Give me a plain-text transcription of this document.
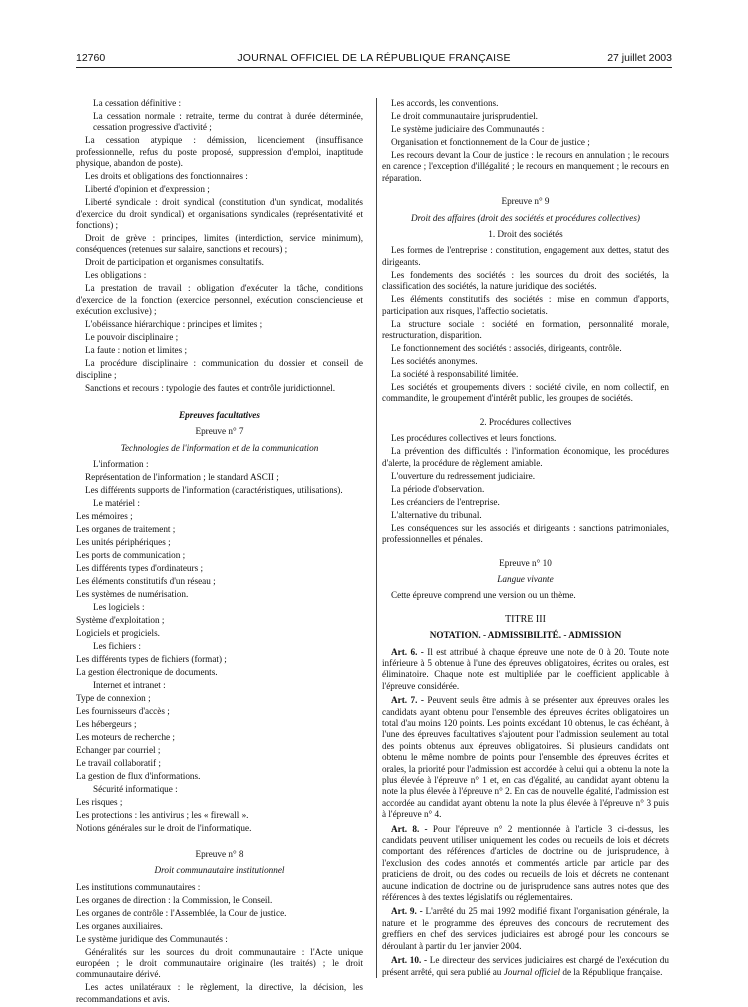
12760	JOURNAL OFFICIEL DE LA RÉPUBLIQUE FRANÇAISE	27 juillet 2003

La cessation définitive :

La cessation normale : retraite, terme du contrat à durée déterminée, cessation progressive d'activité ;

La cessation atypique : démission, licenciement (insuffisance professionnelle, refus du poste proposé, suppression d'emploi, inaptitude physique, abandon de poste).

Les droits et obligations des fonctionnaires :

Liberté d'opinion et d'expression ;

Liberté syndicale : droit syndical (constitution d'un syndicat, modalités d'exercice du droit syndical) et organisations syndicales (représentativité et fonctions) ;

Droit de grève : principes, limites (interdiction, service minimum), conséquences (retenues sur salaire, sanctions et recours) ;

Droit de participation et organismes consultatifs.

Les obligations :

La prestation de travail : obligation d'exécuter la tâche, conditions d'exercice de la fonction (exercice personnel, exécution consciencieuse et exécution exclusive) ;

L'obéissance hiérarchique : principes et limites ;

Le pouvoir disciplinaire ;

La faute : notion et limites ;

La procédure disciplinaire : communication du dossier et conseil de discipline ;

Sanctions et recours : typologie des fautes et contrôle juridictionnel.

Epreuves facultatives
Epreuve n° 7
Technologies de l'information et de la communication

L'information :

Représentation de l'information ; le standard ASCII ;

Les différents supports de l'information (caractéristiques, utilisations).

Le matériel :

Les mémoires ;

Les organes de traitement ;

Les unités périphériques ;

Les ports de communication ;

Les différents types d'ordinateurs ;

Les éléments constitutifs d'un réseau ;

Les systèmes de numérisation.

Les logiciels :

Système d'exploitation ;

Logiciels et progiciels.

Les fichiers :

Les différents types de fichiers (format) ;

La gestion électronique de documents.

Internet et intranet :

Type de connexion ;

Les fournisseurs d'accès ;

Les hébergeurs ;

Les moteurs de recherche ;

Echanger par courriel ;

Le travail collaboratif ;

La gestion de flux d'informations.

Sécurité informatique :

Les risques ;

Les protections : les antivirus ; les « firewall ».

Notions générales sur le droit de l'informatique.

Epreuve n° 8
Droit communautaire institutionnel

Les institutions communautaires :

Les organes de direction : la Commission, le Conseil.

Les organes de contrôle : l'Assemblée, la Cour de justice.

Les organes auxiliaires.

Le système juridique des Communautés :

Généralités sur les sources du droit communautaire : l'Acte unique européen ; le droit communautaire originaire (les traités) ; le droit communautaire dérivé.

Les actes unilatéraux : le règlement, la directive, la décision, les recommandations et avis.

Les accords, les conventions.

Le droit communautaire jurisprudentiel.

Le système judiciaire des Communautés :

Organisation et fonctionnement de la Cour de justice ;

Les recours devant la Cour de justice : le recours en annulation ; le recours en carence ; l'exception d'illégalité ; le recours en manquement ; le recours en réparation.

Epreuve n° 9
Droit des affaires (droit des sociétés et procédures collectives)
1. Droit des sociétés

Les formes de l'entreprise : constitution, engagement aux dettes, statut des dirigeants.

Les fondements des sociétés : les sources du droit des sociétés, la classification des sociétés, la nature juridique des sociétés.

Les éléments constitutifs des sociétés : mise en commun d'apports, participation aux risques, l'affectio societatis.

La structure sociale : société en formation, personnalité morale, restructuration, disparition.

Le fonctionnement des sociétés : associés, dirigeants, contrôle.

Les sociétés anonymes.

La société à responsabilité limitée.

Les sociétés et groupements divers : société civile, en nom collectif, en commandite, le groupement d'intérêt public, les groupes de sociétés.

2. Procédures collectives

Les procédures collectives et leurs fonctions.

La prévention des difficultés : l'information économique, les procédures d'alerte, la procédure de règlement amiable.

L'ouverture du redressement judiciaire.

La période d'observation.

Les créanciers de l'entreprise.

L'alternative du tribunal.

Les conséquences sur les associés et dirigeants : sanctions patrimoniales, professionnelles et pénales.

Epreuve n° 10
Langue vivante

Cette épreuve comprend une version ou un thème.

TITRE III
NOTATION. - ADMISSIBILITÉ. - ADMISSION

Art. 6. - Il est attribué à chaque épreuve une note de 0 à 20. Toute note inférieure à 5 obtenue à l'une des épreuves obligatoires, écrites ou orales, est éliminatoire. Chaque note est multipliée par le coefficient applicable à l'épreuve considérée.

Art. 7. - Peuvent seuls être admis à se présenter aux épreuves orales les candidats ayant obtenu pour l'ensemble des épreuves écrites obligatoires un total d'au moins 120 points. Les points excédant 10 obtenus, le cas échéant, à l'une des épreuves facultatives s'ajoutent pour l'admission seulement au total des points obtenus aux épreuves obligatoires. Si plusieurs candidats ont obtenu le même nombre de points pour l'ensemble des épreuves écrites et orales, la priorité pour l'admission est accordée à celui qui a obtenu la note la plus élevée à l'épreuve n° 1 et, en cas d'égalité, au candidat ayant obtenu la note la plus élevée à l'épreuve n° 2. En cas de nouvelle égalité, l'admission est accordée au candidat ayant obtenu la note la plus élevée à l'épreuve n° 3 puis à l'épreuve n° 4.

Art. 8. - Pour l'épreuve n° 2 mentionnée à l'article 3 ci-dessus, les candidats peuvent utiliser uniquement les codes ou recueils de lois et décrets comportant des références d'articles de doctrine ou de jurisprudence, à l'exclusion des codes annotés et commentés article par article par des praticiens de droit, ou des codes ou recueils de lois et décrets ne contenant aucune indication de doctrine ou de jurisprudence sans autres notes que des références à des textes législatifs ou réglementaires.

Art. 9. - L'arrêté du 25 mai 1992 modifié fixant l'organisation générale, la nature et le programme des épreuves des concours de recrutement des greffiers en chef des services judiciaires est abrogé pour les concours se déroulant à partir du 1er janvier 2004.

Art. 10. - Le directeur des services judiciaires est chargé de l'exécution du présent arrêté, qui sera publié au Journal officiel de la République française.
